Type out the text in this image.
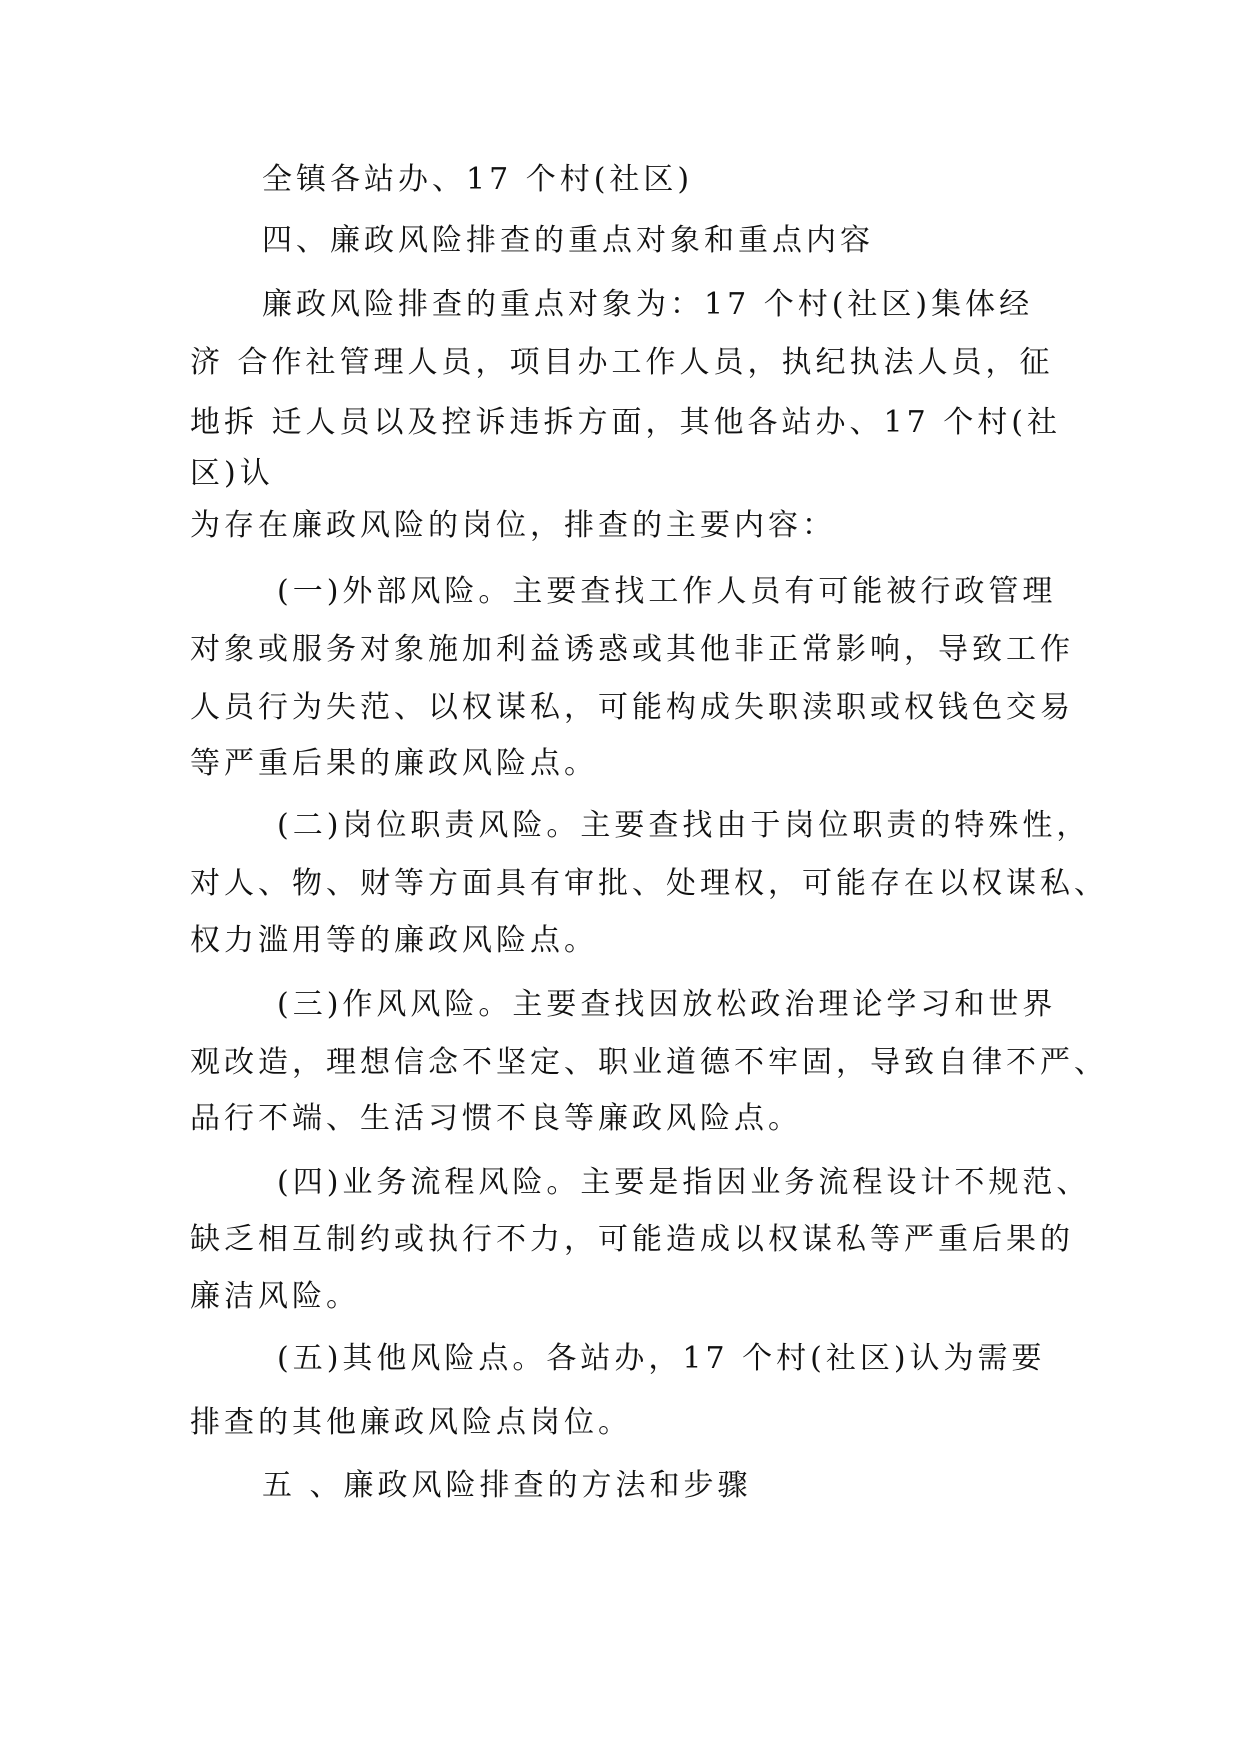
全镇各站办、17 个村(社区)
四、廉政风险排查的重点对象和重点内容
廉政风险排查的重点对象为：17 个村(社区)集体经
济 合作社管理人员，项目办工作人员，执纪执法人员，征
地拆 迁人员以及控诉违拆方面，其他各站办、17 个村(社
区)认
为存在廉政风险的岗位，排查的主要内容：
(一)外部风险。主要查找工作人员有可能被行政管理
对象或服务对象施加利益诱惑或其他非正常影响，导致工作
人员行为失范、以权谋私，可能构成失职渎职或权钱色交易
等严重后果的廉政风险点。
(二)岗位职责风险。主要查找由于岗位职责的特殊性，
对人、物、财等方面具有审批、处理权，可能存在以权谋私、
权力滥用等的廉政风险点。
(三)作风风险。主要查找因放松政治理论学习和世界
观改造，理想信念不坚定、职业道德不牢固，导致自律不严、
品行不端、生活习惯不良等廉政风险点。
(四)业务流程风险。主要是指因业务流程设计不规范、
缺乏相互制约或执行不力，可能造成以权谋私等严重后果的
廉洁风险。
(五)其他风险点。各站办，17 个村(社区)认为需要
排查的其他廉政风险点岗位。
五 、廉政风险排查的方法和步骤
